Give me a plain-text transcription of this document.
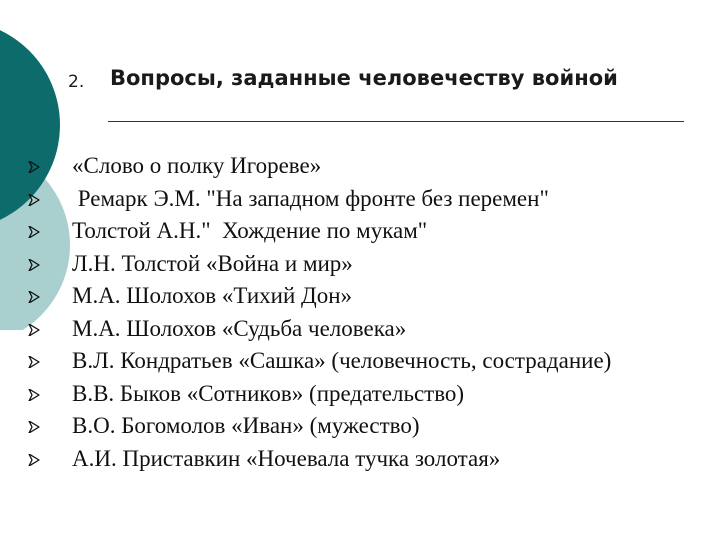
2. Вопросы, заданные человечеству войной
«Слово о полку Игореве»
Ремарк Э.М. "На западном фронте без перемен"
Толстой А.Н."  Хождение по мукам"
Л.Н. Толстой «Война и мир»
М.А. Шолохов «Тихий Дон»
М.А. Шолохов «Судьба человека»
В.Л. Кондратьев «Сашка» (человечность, сострадание)
В.В. Быков «Сотников» (предательство)
В.О. Богомолов «Иван» (мужество)
А.И. Приставкин «Ночевала тучка золотая»
